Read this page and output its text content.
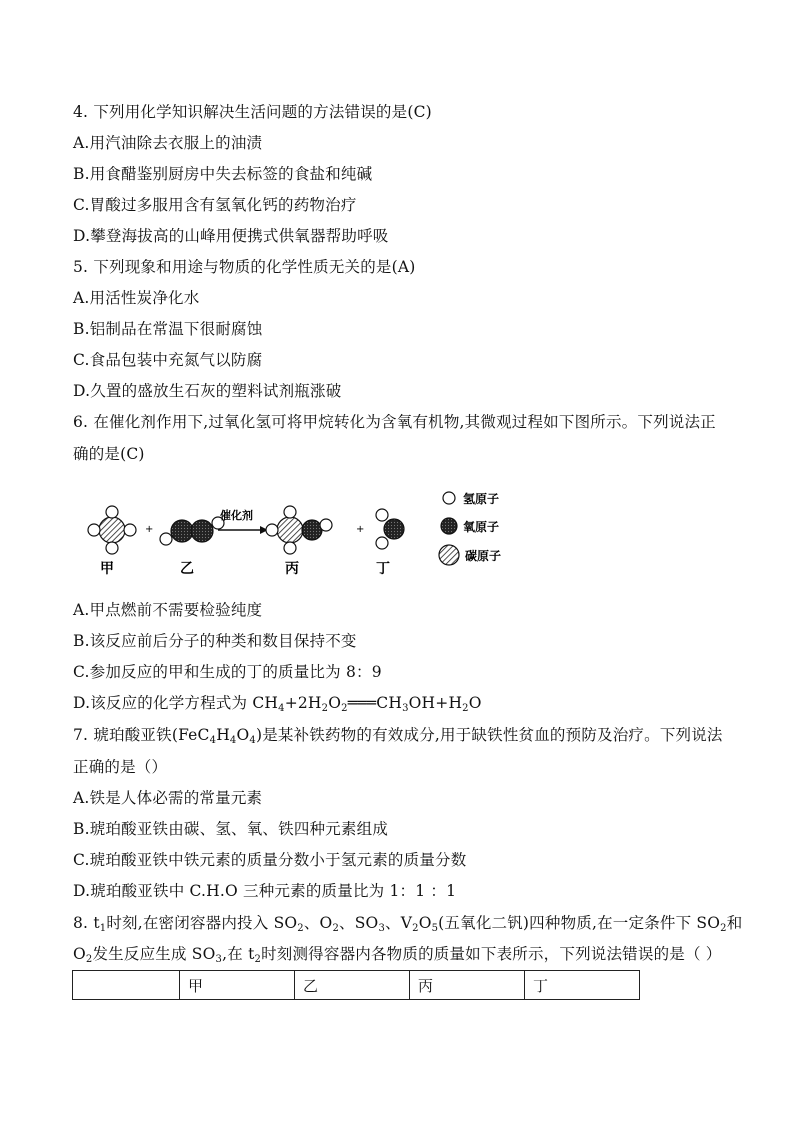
4. 下列用化学知识解决生活问题的方法错误的是(C)
A.用汽油除去衣服上的油渍
B.用食醋鉴别厨房中失去标签的食盐和纯碱
C.胃酸过多服用含有氢氧化钙的药物治疗
D.攀登海拔高的山峰用便携式供氧器帮助呼吸
5. 下列现象和用途与物质的化学性质无关的是(A)
A.用活性炭净化水
B.铝制品在常温下很耐腐蚀
C.食品包装中充氮气以防腐
D.久置的盛放生石灰的塑料试剂瓶涨破
6. 在催化剂作用下,过氧化氢可将甲烷转化为含氧有机物,其微观过程如下图所示。下列说法正
确的是(C)
+
催化剂
+
甲	乙	丙	丁
氢原子
氧原子
碳原子
A.甲点燃前不需要检验纯度
B.该反应前后分子的种类和数目保持不变
C.参加反应的甲和生成的丁的质量比为 8：9
D.该反应的化学方程式为 $CH_4+2H_2O_2═══CH_3OH+H_2O$
7. 琥珀酸亚铁$(FeC_4H_4O_4)$是某补铁药物的有效成分,用于缺铁性贫血的预防及治疗。下列说法
正确的是（）
A.铁是人体必需的常量元素
B.琥珀酸亚铁由碳、氢、氧、铁四种元素组成
C.琥珀酸亚铁中铁元素的质量分数小于氢元素的质量分数
D.琥珀酸亚铁中 C.H.O 三种元素的质量比为 1：1 ：1
8. $t_1$时刻,在密闭容器内投入 $SO_2$、$O_2$、$SO_3$、$V_2O_5$(五氧化二钒)四种物质,在一定条件下 $SO_2$和
$O_2$发生反应生成 $SO_3$,在 $t_2$时刻测得容器内各物质的质量如下表所示，下列说法错误的是（ ）
	甲	乙	丙	丁
